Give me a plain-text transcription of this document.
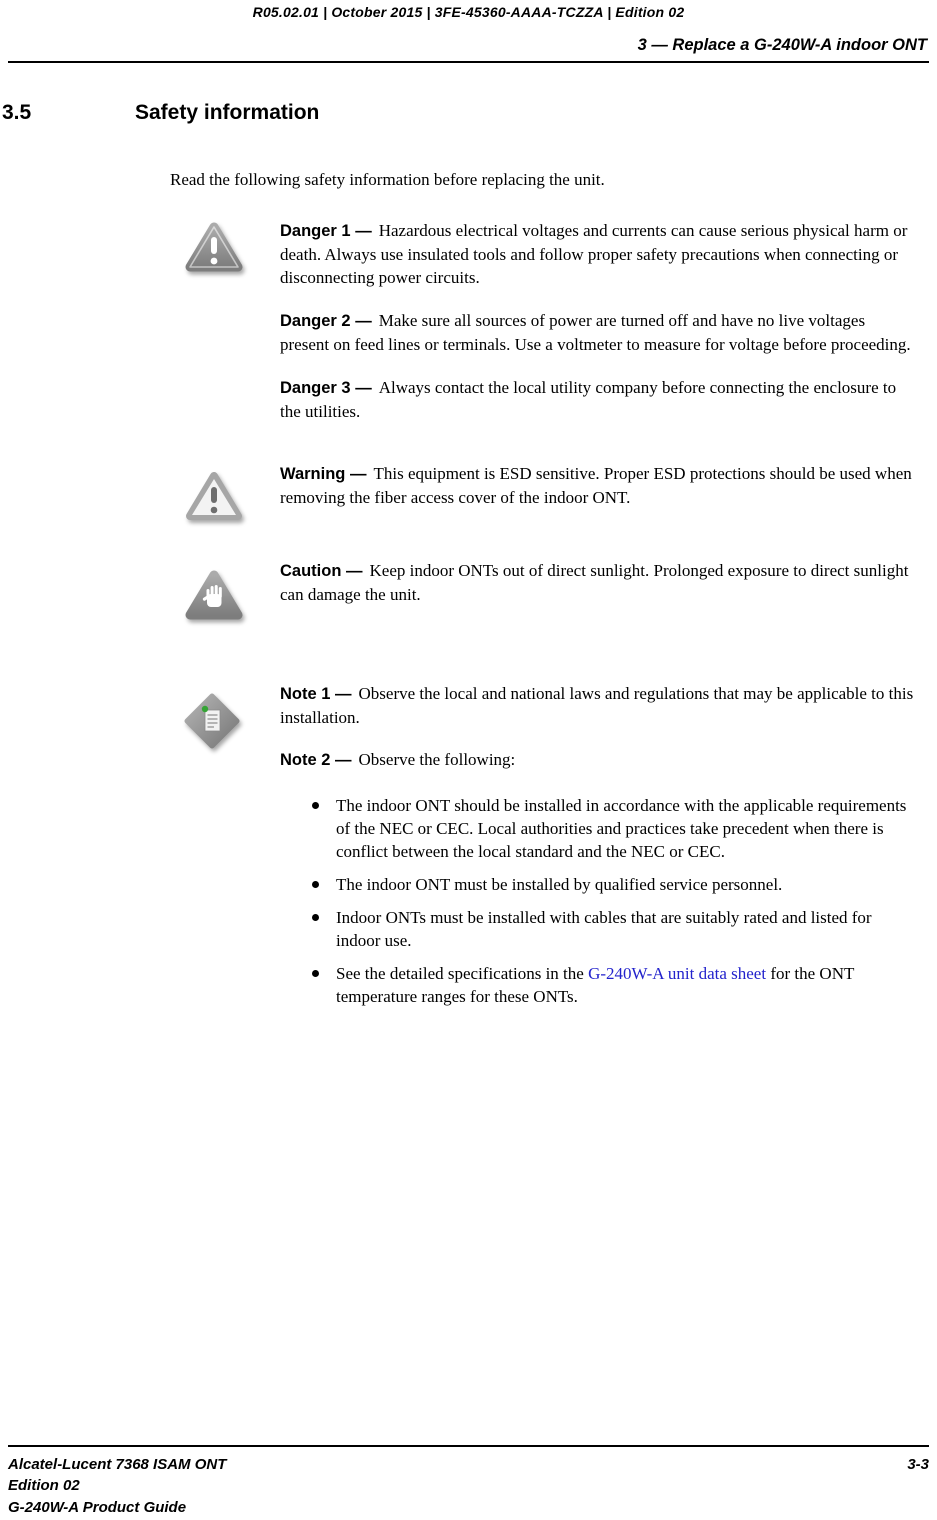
R05.02.01 | October 2015 | 3FE-45360-AAAA-TCZZA | Edition 02
3 — Replace a G-240W-A indoor ONT
3.5	Safety information

Read the following safety information before replacing the unit.

Danger 1 — Hazardous electrical voltages and currents can cause serious physical harm or death. Always use insulated tools and follow proper safety precautions when connecting or disconnecting power circuits.

Danger 2 — Make sure all sources of power are turned off and have no live voltages present on feed lines or terminals. Use a voltmeter to measure for voltage before proceeding.

Danger 3 — Always contact the local utility company before connecting the enclosure to the utilities.

Warning — This equipment is ESD sensitive. Proper ESD protections should be used when removing the fiber access cover of the indoor ONT.

Caution — Keep indoor ONTs out of direct sunlight. Prolonged exposure to direct sunlight can damage the unit.

Note 1 — Observe the local and national laws and regulations that may be applicable to this installation.

Note 2 — Observe the following:

The indoor ONT should be installed in accordance with the applicable requirements of the NEC or CEC. Local authorities and practices take precedent when there is conflict between the local standard and the NEC or CEC.
The indoor ONT must be installed by qualified service personnel.
Indoor ONTs must be installed with cables that are suitably rated and listed for indoor use.
See the detailed specifications in the G-240W-A unit data sheet for the ONT temperature ranges for these ONTs.
Alcatel-Lucent 7368 ISAM ONT	3-3
Edition 02
G-240W-A Product Guide
